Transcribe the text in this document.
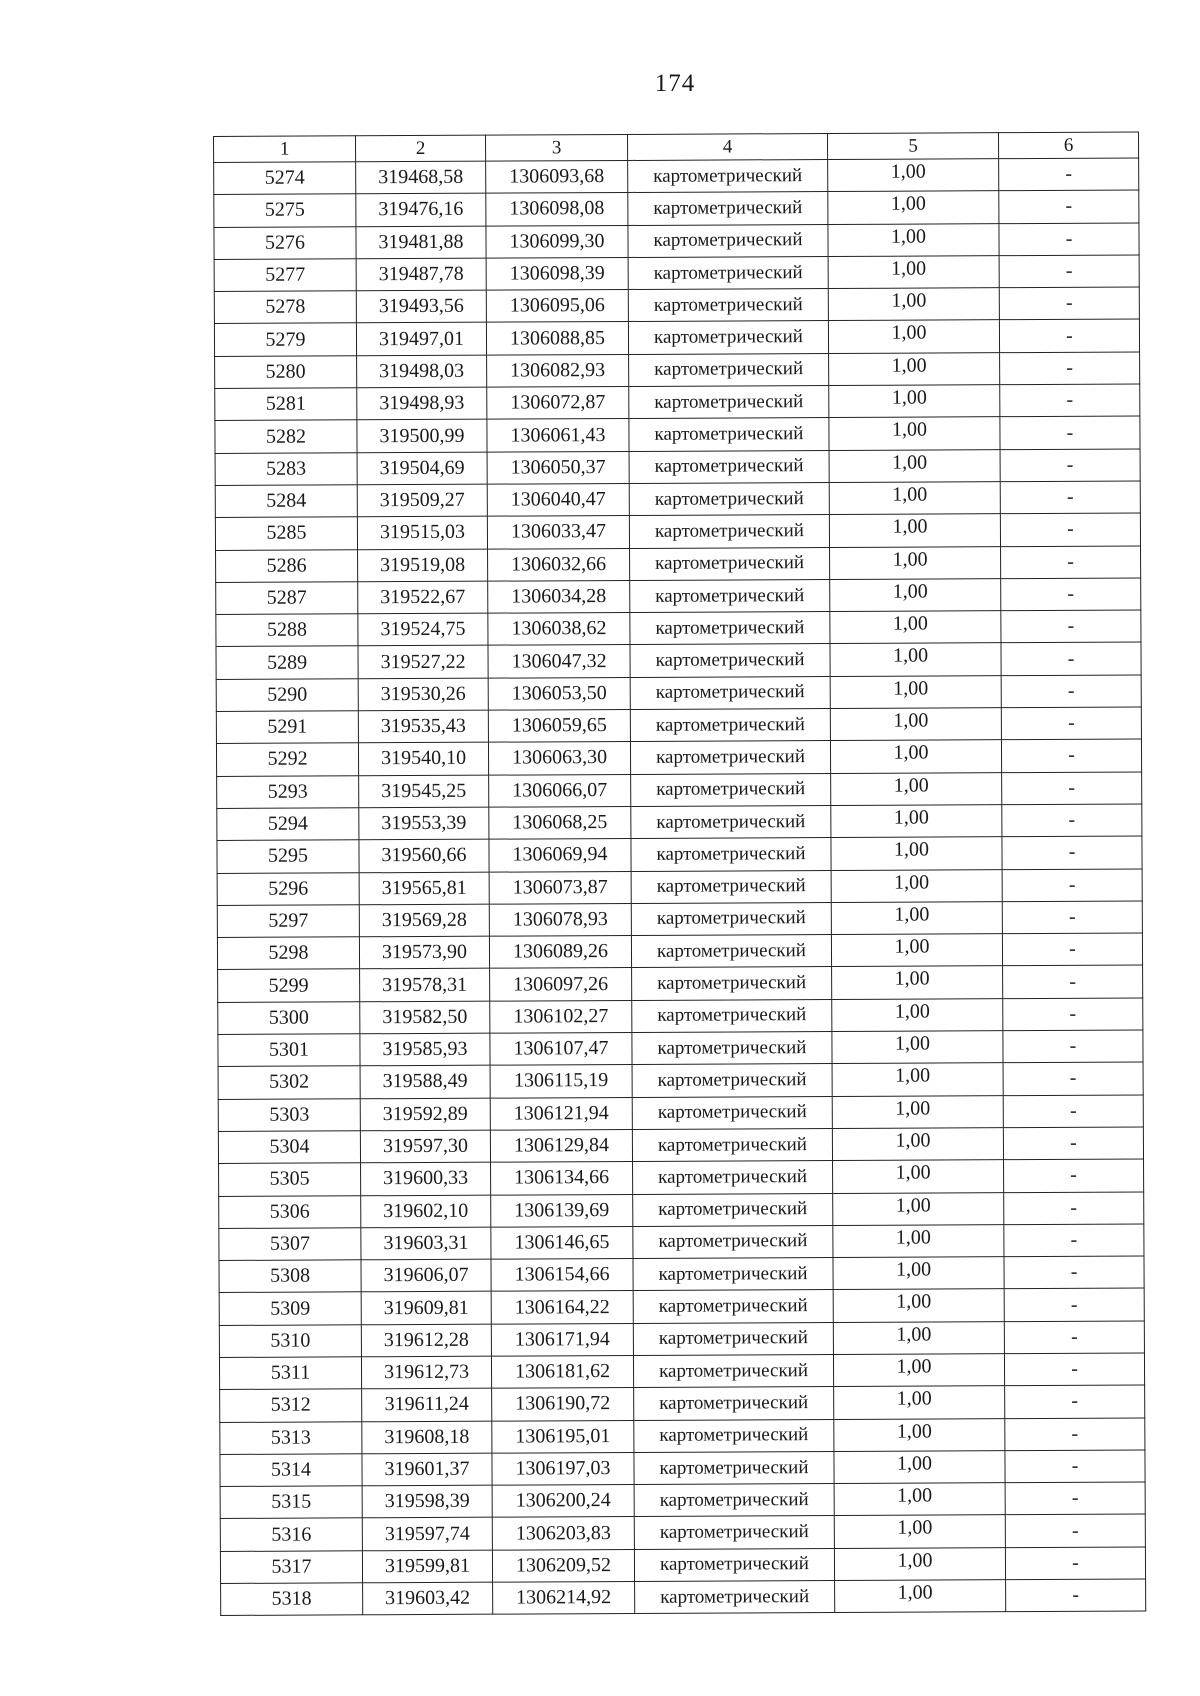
174
1	2	3	4	5	6
5274	319468,58	1306093,68	картометрический	1,00	-
5275	319476,16	1306098,08	картометрический	1,00	-
5276	319481,88	1306099,30	картометрический	1,00	-
5277	319487,78	1306098,39	картометрический	1,00	-
5278	319493,56	1306095,06	картометрический	1,00	-
5279	319497,01	1306088,85	картометрический	1,00	-
5280	319498,03	1306082,93	картометрический	1,00	-
5281	319498,93	1306072,87	картометрический	1,00	-
5282	319500,99	1306061,43	картометрический	1,00	-
5283	319504,69	1306050,37	картометрический	1,00	-
5284	319509,27	1306040,47	картометрический	1,00	-
5285	319515,03	1306033,47	картометрический	1,00	-
5286	319519,08	1306032,66	картометрический	1,00	-
5287	319522,67	1306034,28	картометрический	1,00	-
5288	319524,75	1306038,62	картометрический	1,00	-
5289	319527,22	1306047,32	картометрический	1,00	-
5290	319530,26	1306053,50	картометрический	1,00	-
5291	319535,43	1306059,65	картометрический	1,00	-
5292	319540,10	1306063,30	картометрический	1,00	-
5293	319545,25	1306066,07	картометрический	1,00	-
5294	319553,39	1306068,25	картометрический	1,00	-
5295	319560,66	1306069,94	картометрический	1,00	-
5296	319565,81	1306073,87	картометрический	1,00	-
5297	319569,28	1306078,93	картометрический	1,00	-
5298	319573,90	1306089,26	картометрический	1,00	-
5299	319578,31	1306097,26	картометрический	1,00	-
5300	319582,50	1306102,27	картометрический	1,00	-
5301	319585,93	1306107,47	картометрический	1,00	-
5302	319588,49	1306115,19	картометрический	1,00	-
5303	319592,89	1306121,94	картометрический	1,00	-
5304	319597,30	1306129,84	картометрический	1,00	-
5305	319600,33	1306134,66	картометрический	1,00	-
5306	319602,10	1306139,69	картометрический	1,00	-
5307	319603,31	1306146,65	картометрический	1,00	-
5308	319606,07	1306154,66	картометрический	1,00	-
5309	319609,81	1306164,22	картометрический	1,00	-
5310	319612,28	1306171,94	картометрический	1,00	-
5311	319612,73	1306181,62	картометрический	1,00	-
5312	319611,24	1306190,72	картометрический	1,00	-
5313	319608,18	1306195,01	картометрический	1,00	-
5314	319601,37	1306197,03	картометрический	1,00	-
5315	319598,39	1306200,24	картометрический	1,00	-
5316	319597,74	1306203,83	картометрический	1,00	-
5317	319599,81	1306209,52	картометрический	1,00	-
5318	319603,42	1306214,92	картометрический	1,00	-
